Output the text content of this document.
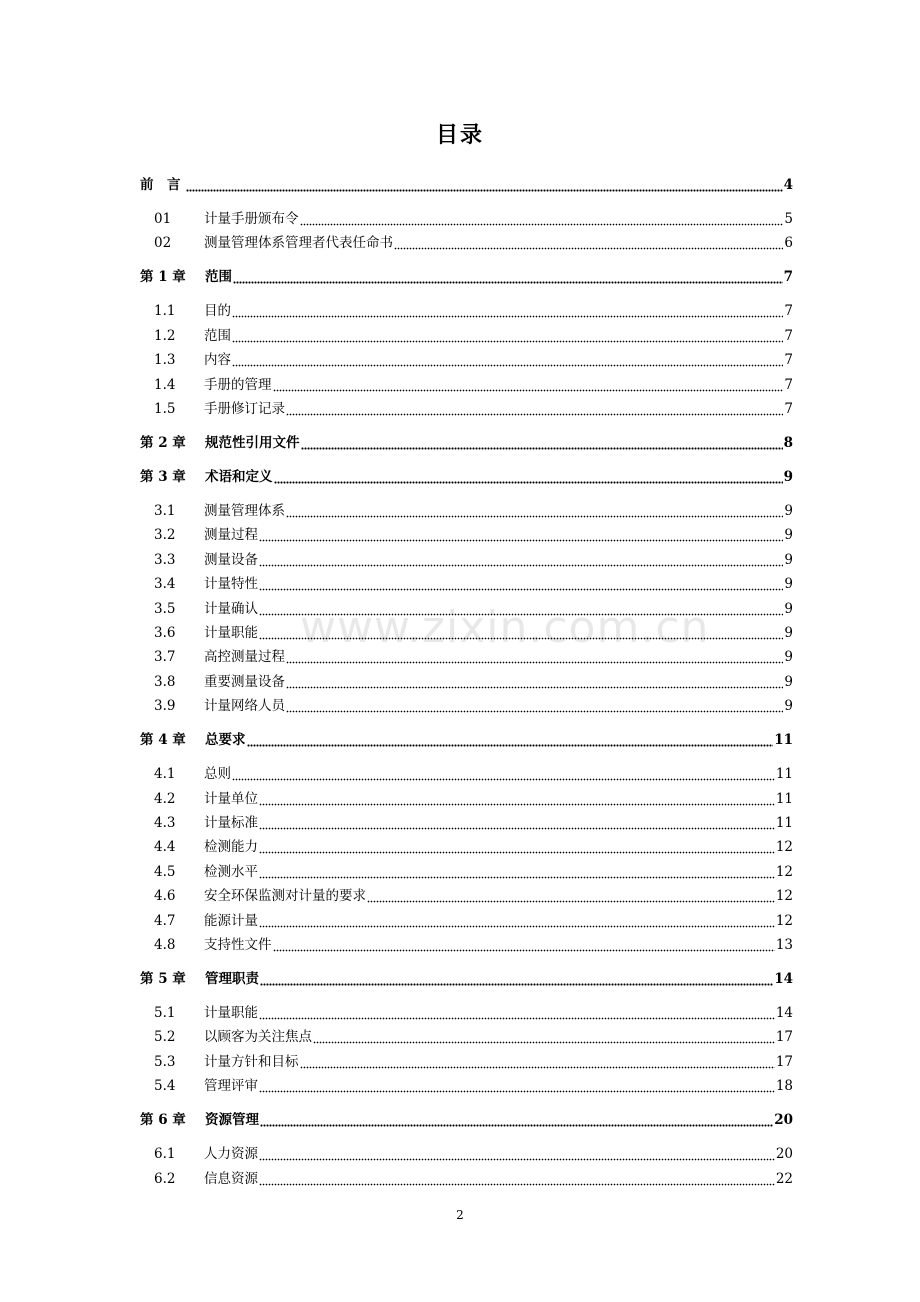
目录
前　言	4
01	计量手册颁布令	5
02	测量管理体系管理者代表任命书	6
第 1 章	范围	7
1.1	目的	7
1.2	范围	7
1.3	内容	7
1.4	手册的管理	7
1.5	手册修订记录	7
第 2 章	规范性引用文件	8
第 3 章	术语和定义	9
3.1	测量管理体系	9
3.2	测量过程	9
3.3	测量设备	9
3.4	计量特性	9
3.5	计量确认	9
3.6	计量职能	9
3.7	高控测量过程	9
3.8	重要测量设备	9
3.9	计量网络人员	9
第 4 章	总要求	11
4.1	总则	11
4.2	计量单位	11
4.3	计量标准	11
4.4	检测能力	12
4.5	检测水平	12
4.6	安全环保监测对计量的要求	12
4.7	能源计量	12
4.8	支持性文件	13
第 5 章	管理职责	14
5.1	计量职能	14
5.2	以顾客为关注焦点	17
5.3	计量方针和目标	17
5.4	管理评审	18
第 6 章	资源管理	20
6.1	人力资源	20
6.2	信息资源	22
2
